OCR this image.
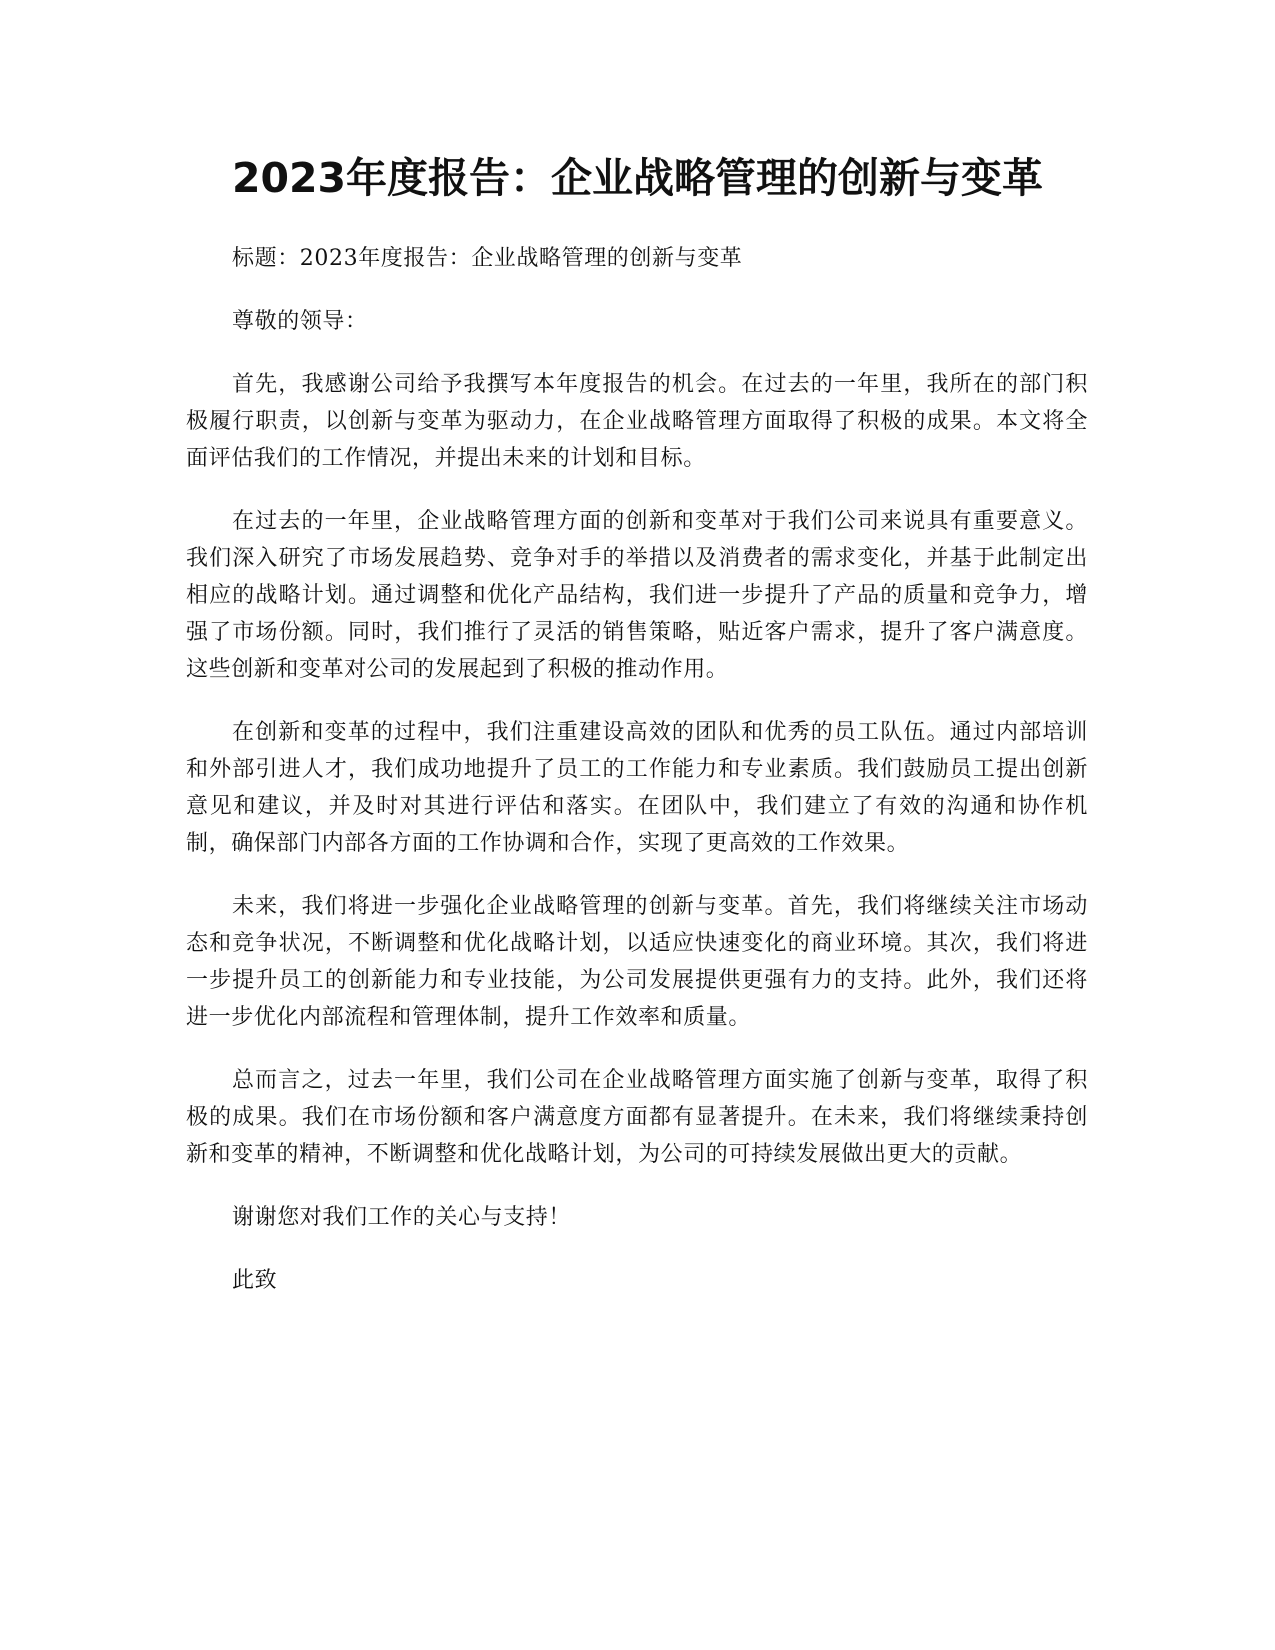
2023年度报告：企业战略管理的创新与变革

标题：2023年度报告：企业战略管理的创新与变革

尊敬的领导：

首先，我感谢公司给予我撰写本年度报告的机会。在过去的一年里，我所在的部门积极履行职责，以创新与变革为驱动力，在企业战略管理方面取得了积极的成果。本文将全面评估我们的工作情况，并提出未来的计划和目标。

在过去的一年里，企业战略管理方面的创新和变革对于我们公司来说具有重要意义。我们深入研究了市场发展趋势、竞争对手的举措以及消费者的需求变化，并基于此制定出相应的战略计划。通过调整和优化产品结构，我们进一步提升了产品的质量和竞争力，增强了市场份额。同时，我们推行了灵活的销售策略，贴近客户需求，提升了客户满意度。这些创新和变革对公司的发展起到了积极的推动作用。

在创新和变革的过程中，我们注重建设高效的团队和优秀的员工队伍。通过内部培训和外部引进人才，我们成功地提升了员工的工作能力和专业素质。我们鼓励员工提出创新意见和建议，并及时对其进行评估和落实。在团队中，我们建立了有效的沟通和协作机制，确保部门内部各方面的工作协调和合作，实现了更高效的工作效果。

未来，我们将进一步强化企业战略管理的创新与变革。首先，我们将继续关注市场动态和竞争状况，不断调整和优化战略计划，以适应快速变化的商业环境。其次，我们将进一步提升员工的创新能力和专业技能，为公司发展提供更强有力的支持。此外，我们还将进一步优化内部流程和管理体制，提升工作效率和质量。

总而言之，过去一年里，我们公司在企业战略管理方面实施了创新与变革，取得了积极的成果。我们在市场份额和客户满意度方面都有显著提升。在未来，我们将继续秉持创新和变革的精神，不断调整和优化战略计划，为公司的可持续发展做出更大的贡献。

谢谢您对我们工作的关心与支持！

此致
